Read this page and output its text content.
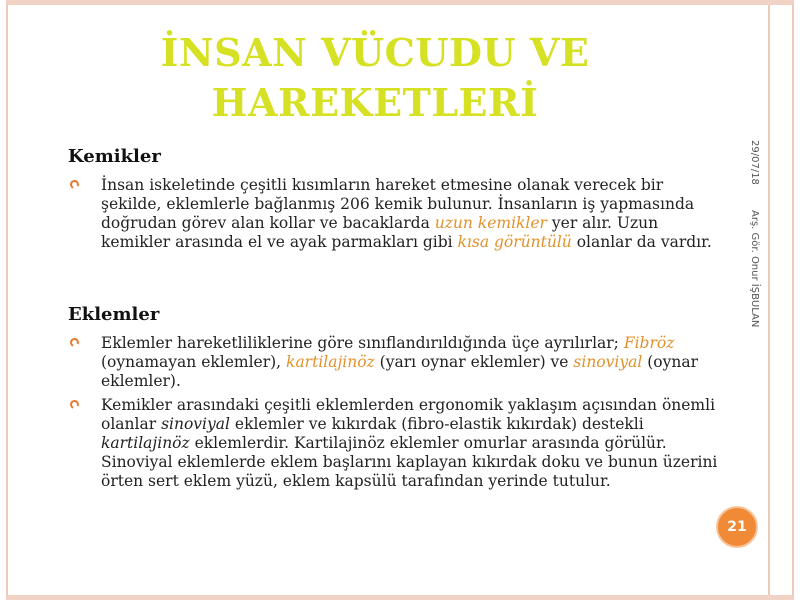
İNSAN VÜCUDU VE
HAREKETLERİ
Kemikler
İnsan iskeletinde çeşitli kısımların hareket etmesine olanak verecek bir şekilde, eklemlerle bağlanmış 206 kemik bulunur. İnsanların iş yapmasında doğrudan görev alan kollar ve bacaklarda uzun kemikler yer alır. Uzun kemikler arasında el ve ayak parmakları gibi kısa görüntülü olanlar da vardır.
Eklemler
Eklemler hareketliliklerine göre sınıflandırıldığında üçe ayrılırlar; Fibröz (oynamayan eklemler), kartilajinöz (yarı oynar eklemler) ve sinoviyal (oynar eklemler).
Kemikler arasındaki çeşitli eklemlerden ergonomik yaklaşım açısından önemli olanlar sinoviyal eklemler ve kıkırdak (fibro-elastik kıkırdak) destekli kartilajinöz eklemlerdir. Kartilajinöz eklemler omurlar arasında görülür. Sinoviyal eklemlerde eklem başlarını kaplayan kıkırdak doku ve bunun üzerini örten sert eklem yüzü, eklem kapsülü tarafından yerinde tutulur.
29/07/18
Arş. Gör. Onur İŞBULAN
21
